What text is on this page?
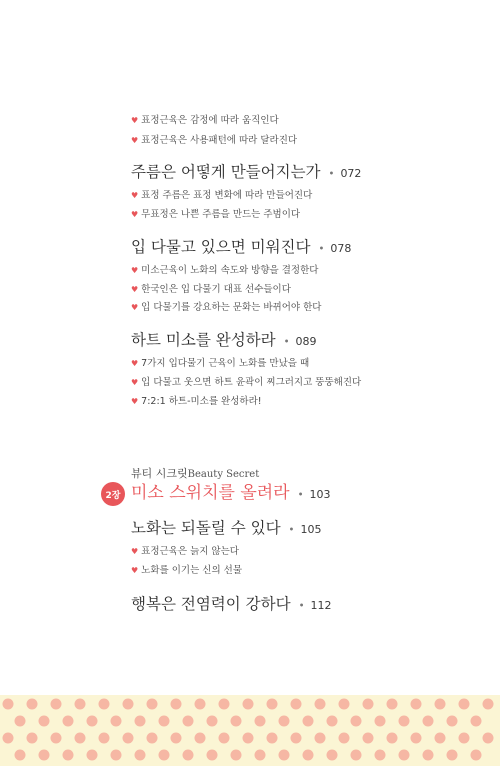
♥ 표정근육은 감정에 따라 움직인다
♥ 표정근육은 사용패턴에 따라 달라진다
주름은 어떻게 만들어지는가 • 072
♥ 표정 주름은 표정 변화에 따라 만들어진다
♥ 무표정은 나쁜 주름을 만드는 주범이다
입 다물고 있으면 미워진다 • 078
♥ 미소근육이 노화의 속도와 방향을 결정한다
♥ 한국인은 입 다물기 대표 선수들이다
♥ 입 다물기를 강요하는 문화는 바뀌어야 한다
하트 미소를 완성하라 • 089
♥ 7가지 입다물기 근육이 노화를 만났을 때
♥ 입 다물고 웃으면 하트 윤곽이 찌그러지고 뚱뚱해진다
♥ 7:2:1 하트-미소를 완성하라!
뷰티 시크릿Beauty Secret
2장 미소 스위치를 올려라 • 103
노화는 되돌릴 수 있다 • 105
♥ 표정근육은 늙지 않는다
♥ 노화를 이기는 신의 선물
행복은 전염력이 강하다 • 112
